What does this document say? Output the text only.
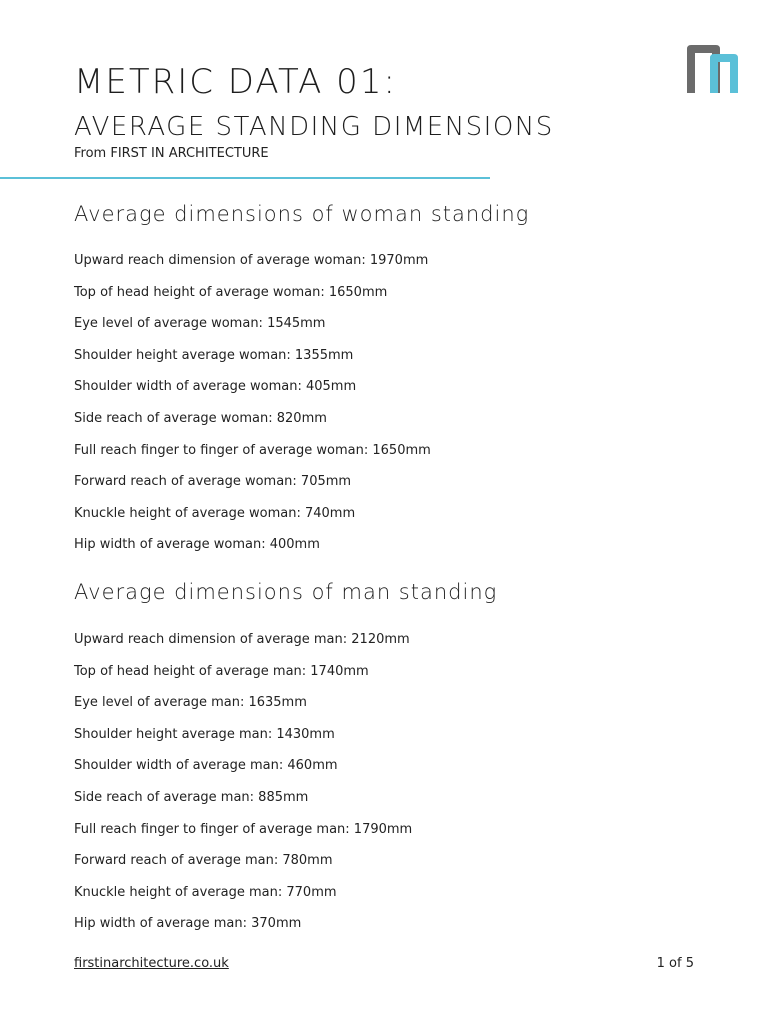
METRIC DATA 01:
AVERAGE STANDING DIMENSIONS
From FIRST IN ARCHITECTURE
Average dimensions of woman standing
Upward reach dimension of average woman: 1970mm
Top of head height of average woman: 1650mm
Eye level of average woman: 1545mm
Shoulder height average woman: 1355mm
Shoulder width of average woman: 405mm
Side reach of average woman: 820mm
Full reach finger to finger of average woman: 1650mm
Forward reach of average woman: 705mm
Knuckle height of average woman: 740mm
Hip width of average woman: 400mm
Average dimensions of man standing
Upward reach dimension of average man: 2120mm
Top of head height of average man: 1740mm
Eye level of average man: 1635mm
Shoulder height average man: 1430mm
Shoulder width of average man: 460mm
Side reach of average man: 885mm
Full reach finger to finger of average man: 1790mm
Forward reach of average man: 780mm
Knuckle height of average man: 770mm
Hip width of average man: 370mm
firstinarchitecture.co.uk	1 of 5
